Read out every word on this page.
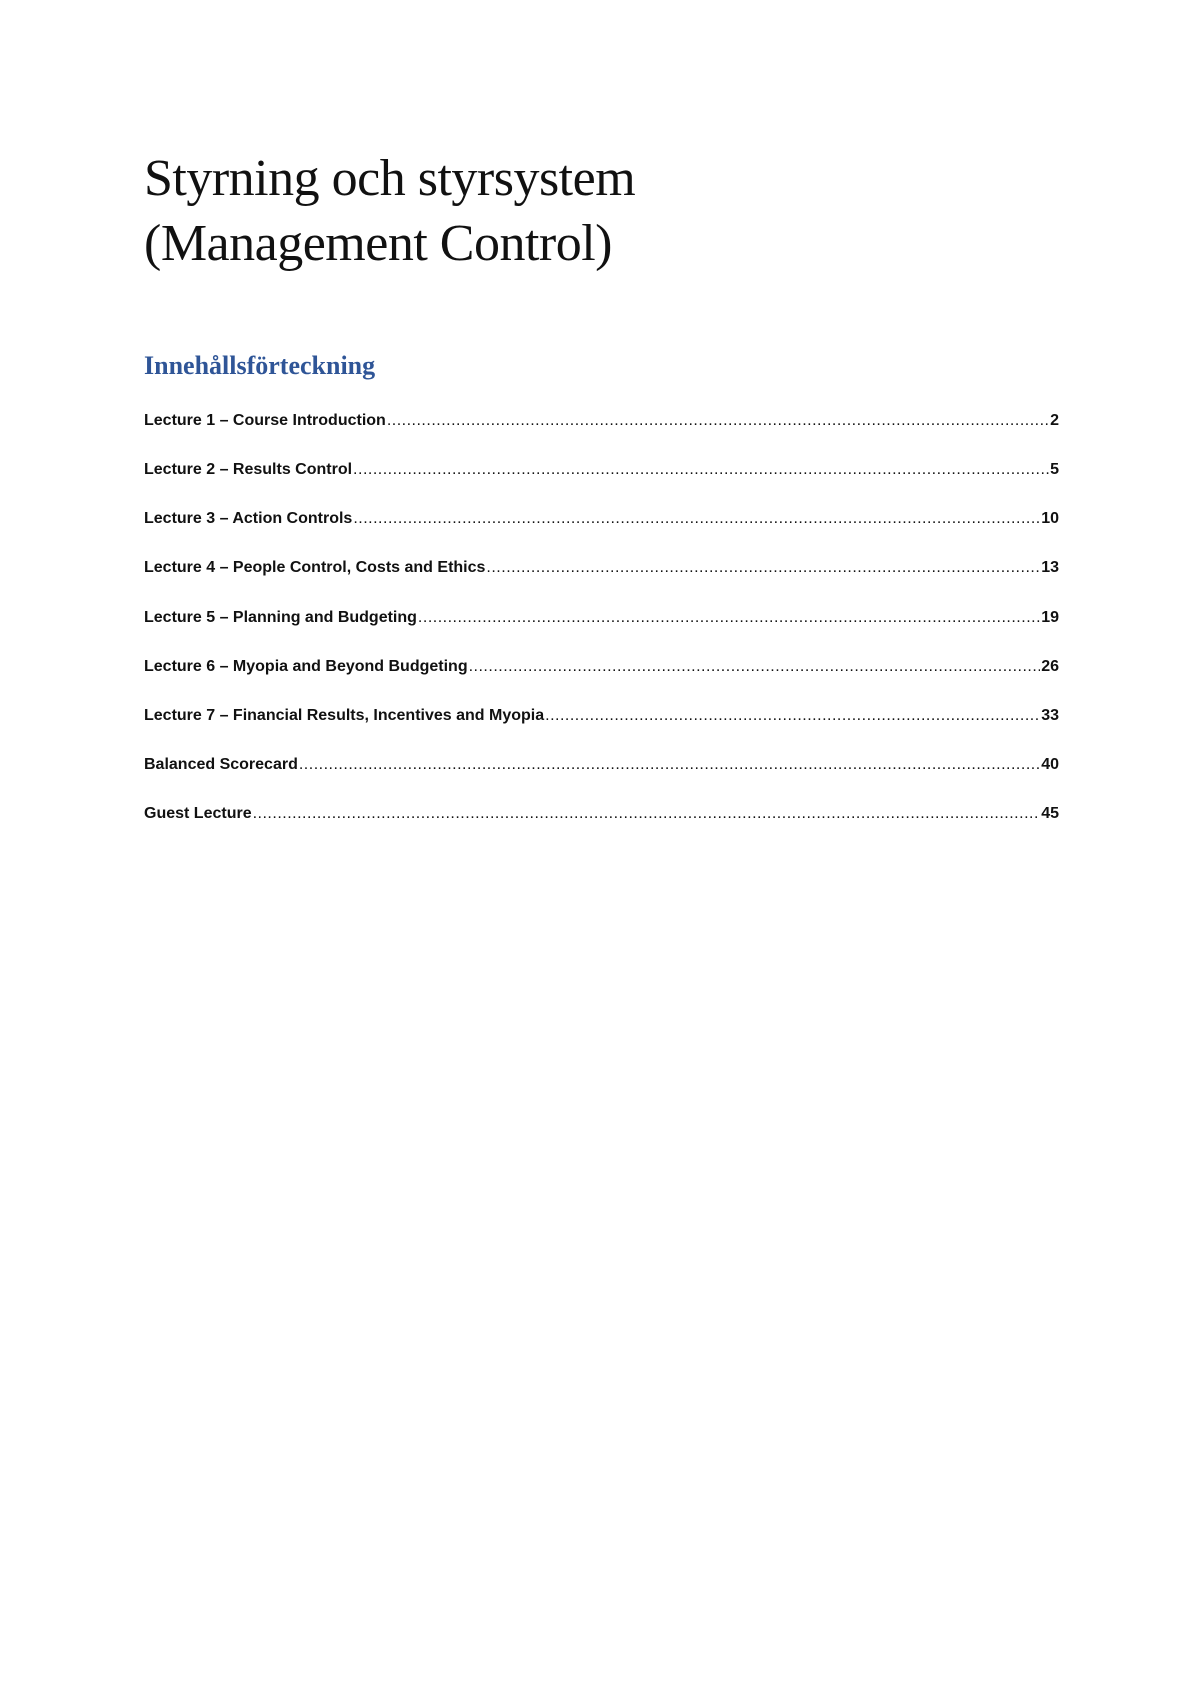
Styrning och styrsystem
(Management Control)
Innehållsförteckning
Lecture 1 – Course Introduction .....	2
Lecture 2 – Results Control .....	5
Lecture 3 – Action Controls .....	10
Lecture 4 – People Control, Costs and Ethics .....	13
Lecture 5 – Planning and Budgeting .....	19
Lecture 6 – Myopia and Beyond Budgeting .....	26
Lecture 7 – Financial Results, Incentives and Myopia .....	33
Balanced Scorecard .....	40
Guest Lecture .....	45
